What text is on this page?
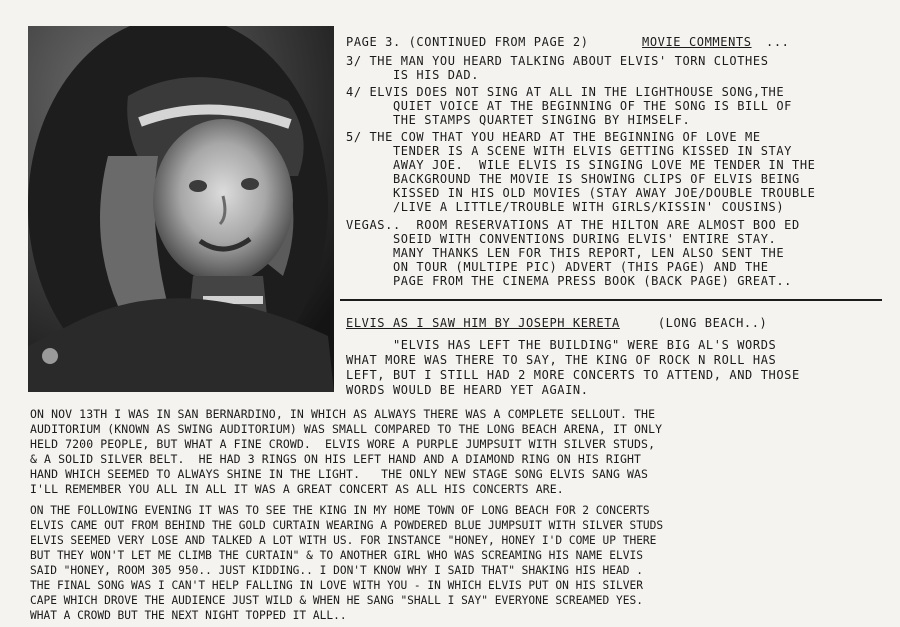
PAGE 3. (CONTINUED FROM PAGE 2)	MOVIE COMMENTS ...
3/ THE MAN YOU HEARD TALKING ABOUT ELVIS' TORN CLOTHES
IS HIS DAD.
4/ ELVIS DOES NOT SING AT ALL IN THE LIGHTHOUSE SONG,THE
QUIET VOICE AT THE BEGINNING OF THE SONG IS BILL OF
THE STAMPS QUARTET SINGING BY HIMSELF.
5/ THE COW THAT YOU HEARD AT THE BEGINNING OF LOVE ME
TENDER IS A SCENE WITH ELVIS GETTING KISSED IN STAY
AWAY JOE.  WILE ELVIS IS SINGING LOVE ME TENDER IN THE
BACKGROUND THE MOVIE IS SHOWING CLIPS OF ELVIS BEING
KISSED IN HIS OLD MOVIES (STAY AWAY JOE/DOUBLE TROUBLE
/LIVE A LITTLE/TROUBLE WITH GIRLS/KISSIN' COUSINS)
VEGAS..  ROOM RESERVATIONS AT THE HILTON ARE ALMOST BOO ED
SOEID WITH CONVENTIONS DURING ELVIS' ENTIRE STAY.
MANY THANKS LEN FOR THIS REPORT, LEN ALSO SENT THE
ON TOUR (MULTIPE PIC) ADVERT (THIS PAGE) AND THE
PAGE FROM THE CINEMA PRESS BOOK (BACK PAGE) GREAT..
ELVIS AS I SAW HIM BY JOSEPH KERETA	(LONG BEACH..)
"ELVIS HAS LEFT THE BUILDING" WERE BIG AL'S WORDS
WHAT MORE WAS THERE TO SAY, THE KING OF ROCK N ROLL HAS
LEFT, BUT I STILL HAD 2 MORE CONCERTS TO ATTEND, AND THOSE
WORDS WOULD BE HEARD YET AGAIN.
ON NOV 13TH I WAS IN SAN BERNARDINO, IN WHICH AS ALWAYS THERE WAS A COMPLETE SELLOUT. THE
AUDITORIUM (KNOWN AS SWING AUDITORIUM) WAS SMALL COMPARED TO THE LONG BEACH ARENA, IT ONLY
HELD 7200 PEOPLE, BUT WHAT A FINE CROWD.  ELVIS WORE A PURPLE JUMPSUIT WITH SILVER STUDS,
& A SOLID SILVER BELT.  HE HAD 3 RINGS ON HIS LEFT HAND AND A DIAMOND RING ON HIS RIGHT
HAND WHICH SEEMED TO ALWAYS SHINE IN THE LIGHT.   THE ONLY NEW STAGE SONG ELVIS SANG WAS
I'LL REMEMBER YOU ALL IN ALL IT WAS A GREAT CONCERT AS ALL HIS CONCERTS ARE.
ON THE FOLLOWING EVENING IT WAS TO SEE THE KING IN MY HOME TOWN OF LONG BEACH FOR 2 CONCERTS
ELVIS CAME OUT FROM BEHIND THE GOLD CURTAIN WEARING A POWDERED BLUE JUMPSUIT WITH SILVER STUDS
ELVIS SEEMED VERY LOSE AND TALKED A LOT WITH US. FOR INSTANCE "HONEY, HONEY I'D COME UP THERE
BUT THEY WON'T LET ME CLIMB THE CURTAIN" & TO ANOTHER GIRL WHO WAS SCREAMING HIS NAME ELVIS
SAID "HONEY, ROOM 305 950.. JUST KIDDING.. I DON'T KNOW WHY I SAID THAT" SHAKING HIS HEAD .
THE FINAL SONG WAS I CAN'T HELP FALLING IN LOVE WITH YOU - IN WHICH ELVIS PUT ON HIS SILVER
CAPE WHICH DROVE THE AUDIENCE JUST WILD & WHEN HE SANG "SHALL I SAY" EVERYONE SCREAMED YES.
WHAT A CROWD BUT THE NEXT NIGHT TOPPED IT ALL..
